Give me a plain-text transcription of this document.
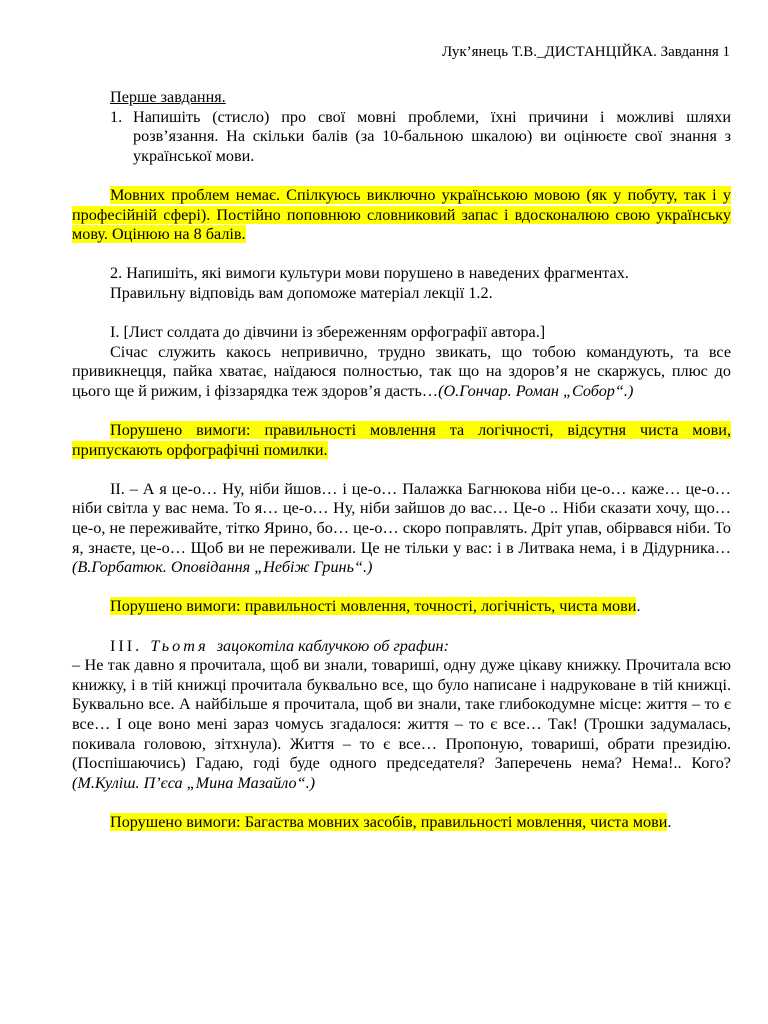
Лук’янець Т.В._ДИСТАНЦІЙКА. Завдання 1

Перше завдання.

1. Напишіть (стисло) про свої мовні проблеми, їхні причини і можливі шляхи розв’язання. На скільки балів (за 10-бальною шкалою) ви оцінюєте свої знання з української мови.

Мовних проблем немає. Спілкуюсь виключно українською мовою (як у побуту, так і у професійній сфері). Постійно поповнюю словниковий запас і вдосконалюю свою українську мову. Оцінюю на 8 балів.

2. Напишіть, які вимоги культури мови порушено в наведених фрагментах.

Правильну відповідь вам допоможе матеріал лекції 1.2.

I. [Лист солдата до дівчини із збереженням орфографії автора.]

Січас служить какось непривично, трудно звикать, що тобою командують, та все привикнецця, пайка хватає, наїдаюся полностью, так що на здоров’я не скаржусь, плюс до цього ще й рижим, і фіззарядка теж здоров’я дасть…(О.Гончар. Роман „Собор“.)

Порушено вимоги: правильності мовлення та логічності, відсутня чиста мови, припускають орфографічні помилки.

II. – А я це-о… Ну, ніби йшов… і це-о… Палажка Багнюкова ніби це-о… каже… це-о…ніби світла у вас нема. То я… це-о… Ну, ніби зайшов до вас… Це-о .. Ніби сказати хочу, що…це-о, не переживайте, тітко Ярино, бо… це-о… скоро поправлять. Дріт упав, обірвався ніби. То я, знаєте, це-о… Щоб ви не переживали. Це не тільки у вас: і в Литвака нема, і в Дідурника…(В.Горбатюк. Оповідання „Небіж Гринь“.)

Порушено вимоги: правильності мовлення, точності, логічність, чиста мови.

III. Тьотя зацокотіла каблучкою об графин:

– Не так давно я прочитала, щоб ви знали, товариші, одну дуже цікаву книжку. Прочитала всю книжку, і в тій книжці прочитала буквально все, що було написане і надруковане в тій книжці. Буквально все. А найбільше я прочитала, щоб ви знали, таке глибокодумне місце: життя – то є все… І оце воно мені зараз чомусь згадалося: життя – то є все… Так! (Трошки задумалась, покивала головою, зітхнула). Життя – то є все… Пропоную, товариші, обрати президію. (Поспішаючись) Гадаю, годі буде одного председателя? Заперечень нема? Нема!.. Кого? (М.Куліш. П’єса „Мина Мазайло“.)

Порушено вимоги: Багаства мовних засобів, правильності мовлення, чиста мови.
